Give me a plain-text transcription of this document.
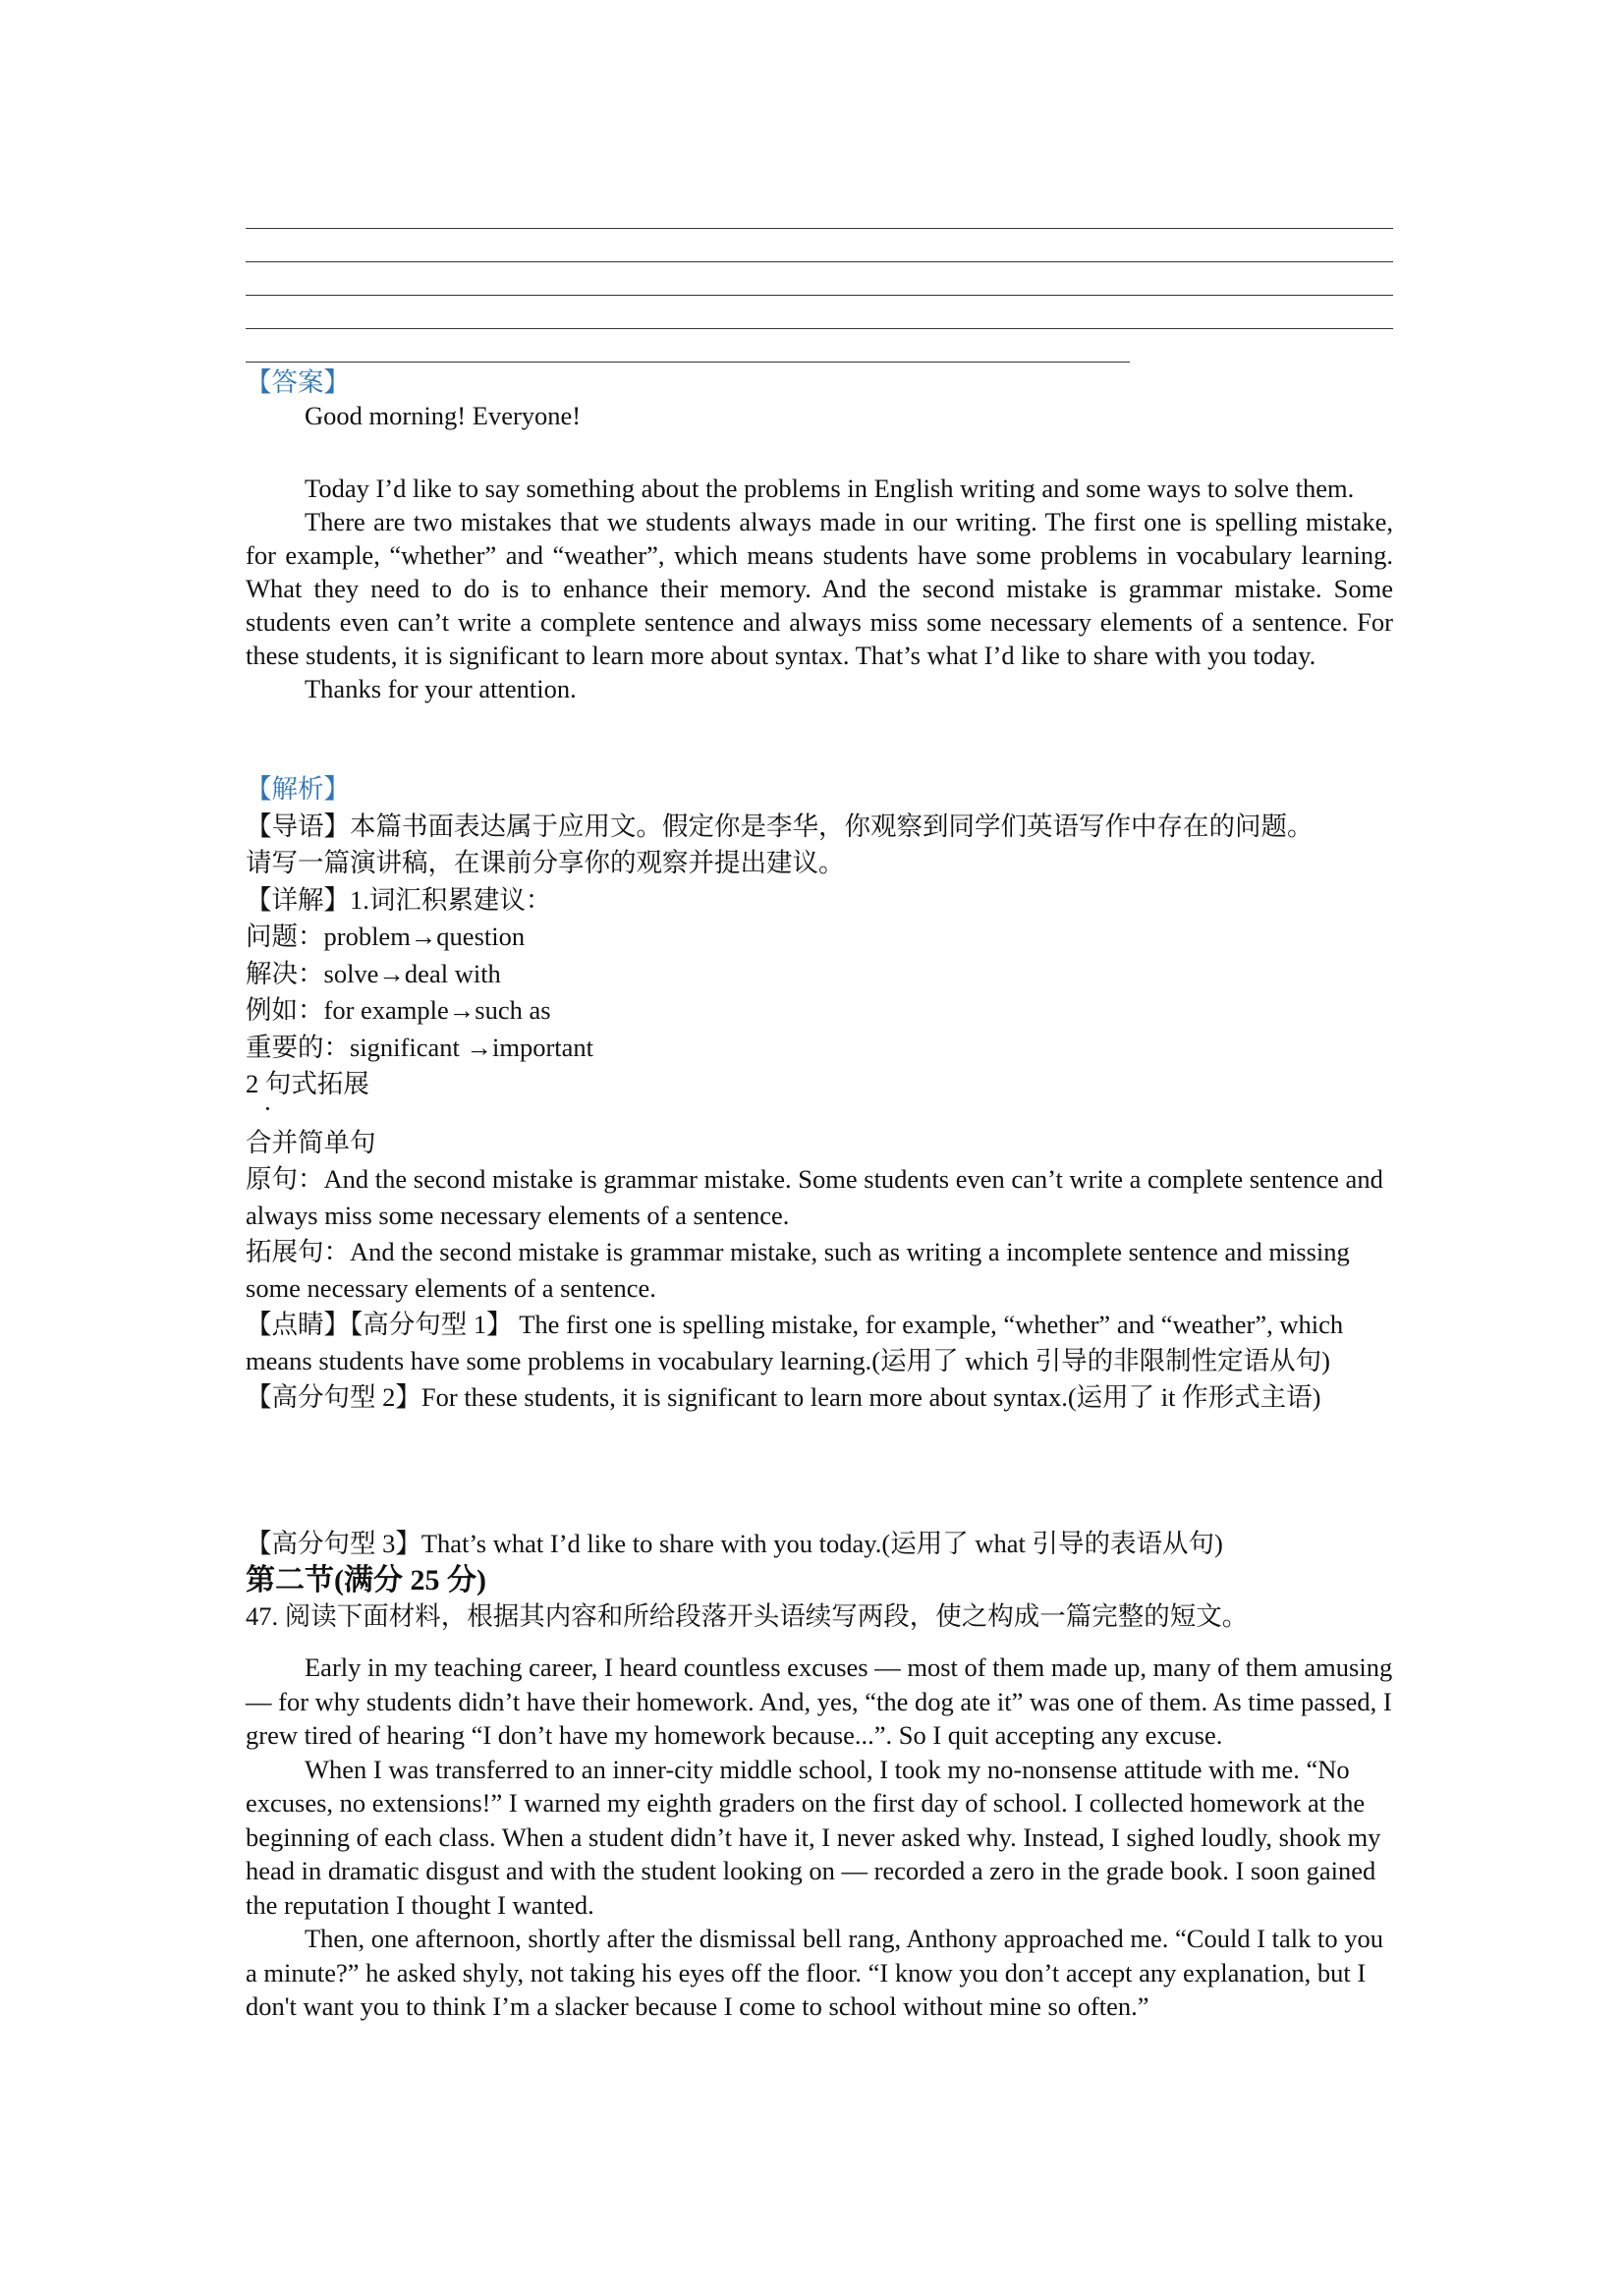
【答案】

Good morning! Everyone!

Today I’d like to say something about the problems in English writing and some ways to solve them.

There are two mistakes that we students always made in our writing. The first one is spelling mistake, for example, “whether” and “weather”, which means students have some problems in vocabulary learning. What they need to do is to enhance their memory. And the second mistake is grammar mistake. Some students even can’t write a complete sentence and always miss some necessary elements of a sentence. For these students, it is significant to learn more about syntax. That’s what I’d like to share with you today.

Thanks for your attention.

【解析】

【导语】本篇书面表达属于应用文。假定你是李华，你观察到同学们英语写作中存在的问题。

请写一篇演讲稿，在课前分享你的观察并提出建议。

【详解】1.词汇积累建议：

问题：problem→question

解决：solve→deal with

例如：for example→such as

重要的：significant →important

2 句式拓展

·

合并简单句

原句：And the second mistake is grammar mistake. Some students even can’t write a complete sentence and always miss some necessary elements of a sentence.

拓展句：And the second mistake is grammar mistake, such as writing a incomplete sentence and missing some necessary elements of a sentence.

【点睛】【高分句型 1】 The first one is spelling mistake, for example, “whether” and “weather”, which means students have some problems in vocabulary learning.(运用了 which 引导的非限制性定语从句)

【高分句型 2】For these students, it is significant to learn more about syntax.(运用了 it 作形式主语)

【高分句型 3】That’s what I’d like to share with you today.(运用了 what 引导的表语从句)

第二节(满分 25 分)

47. 阅读下面材料，根据其内容和所给段落开头语续写两段，使之构成一篇完整的短文。

Early in my teaching career, I heard countless excuses — most of them made up, many of them amusing — for why students didn’t have their homework. And, yes, “the dog ate it” was one of them. As time passed, I grew tired of hearing “I don’t have my homework because...”. So I quit accepting any excuse.

When I was transferred to an inner-city middle school, I took my no-nonsense attitude with me. “No excuses, no extensions!” I warned my eighth graders on the first day of school. I collected homework at the beginning of each class. When a student didn’t have it, I never asked why. Instead, I sighed loudly, shook my head in dramatic disgust and with the student looking on — recorded a zero in the grade book. I soon gained the reputation I thought I wanted.

Then, one afternoon, shortly after the dismissal bell rang, Anthony approached me. “Could I talk to you a minute?” he asked shyly, not taking his eyes off the floor. “I know you don’t accept any explanation, but I don't want you to think I’m a slacker because I come to school without mine so often.”
